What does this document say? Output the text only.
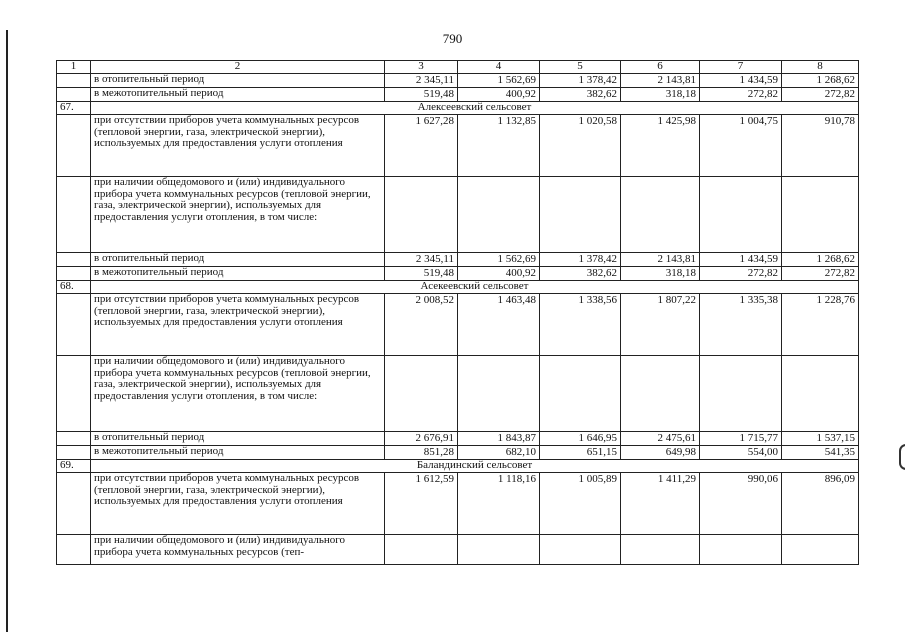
790
1	2	3	4	5	6	7	8
	в отопительный период	2 345,11	1 562,69	1 378,42	2 143,81	1 434,59	1 268,62
	в межотопительный период	519,48	400,92	382,62	318,18	272,82	272,82
67.	Алексеевский сельсовет						
	при отсутствии приборов учета коммунальных ресурсов (тепловой энергии, газа, электрической энергии), используемых для предоставления услуги отопления	1 627,28	1 132,85	1 020,58	1 425,98	1 004,75	910,78
	при наличии общедомового и (или) индивидуального прибора учета коммунальных ресурсов (тепловой энергии, газа, электрической энергии), используемых для предоставления услуги отопления, в том числе:						
	в отопительный период	2 345,11	1 562,69	1 378,42	2 143,81	1 434,59	1 268,62
	в межотопительный период	519,48	400,92	382,62	318,18	272,82	272,82
68.	Асекеевский сельсовет						
	при отсутствии приборов учета коммунальных ресурсов (тепловой энергии, газа, электрической энергии), используемых для предоставления услуги отопления	2 008,52	1 463,48	1 338,56	1 807,22	1 335,38	1 228,76
	при наличии общедомового и (или) индивидуального прибора учета коммунальных ресурсов (тепловой энергии, газа, электрической энергии), используемых для предоставления услуги отопления, в том числе:						
	в отопительный период	2 676,91	1 843,87	1 646,95	2 475,61	1 715,77	1 537,15
	в межотопительный период	851,28	682,10	651,15	649,98	554,00	541,35
69.	Баландинский сельсовет						
	при отсутствии приборов учета коммунальных ресурсов (тепловой энергии, газа, электрической энергии), используемых для предоставления услуги отопления	1 612,59	1 118,16	1 005,89	1 411,29	990,06	896,09
	при наличии общедомового и (или) индивидуального прибора учета коммунальных ресурсов (теп-						
